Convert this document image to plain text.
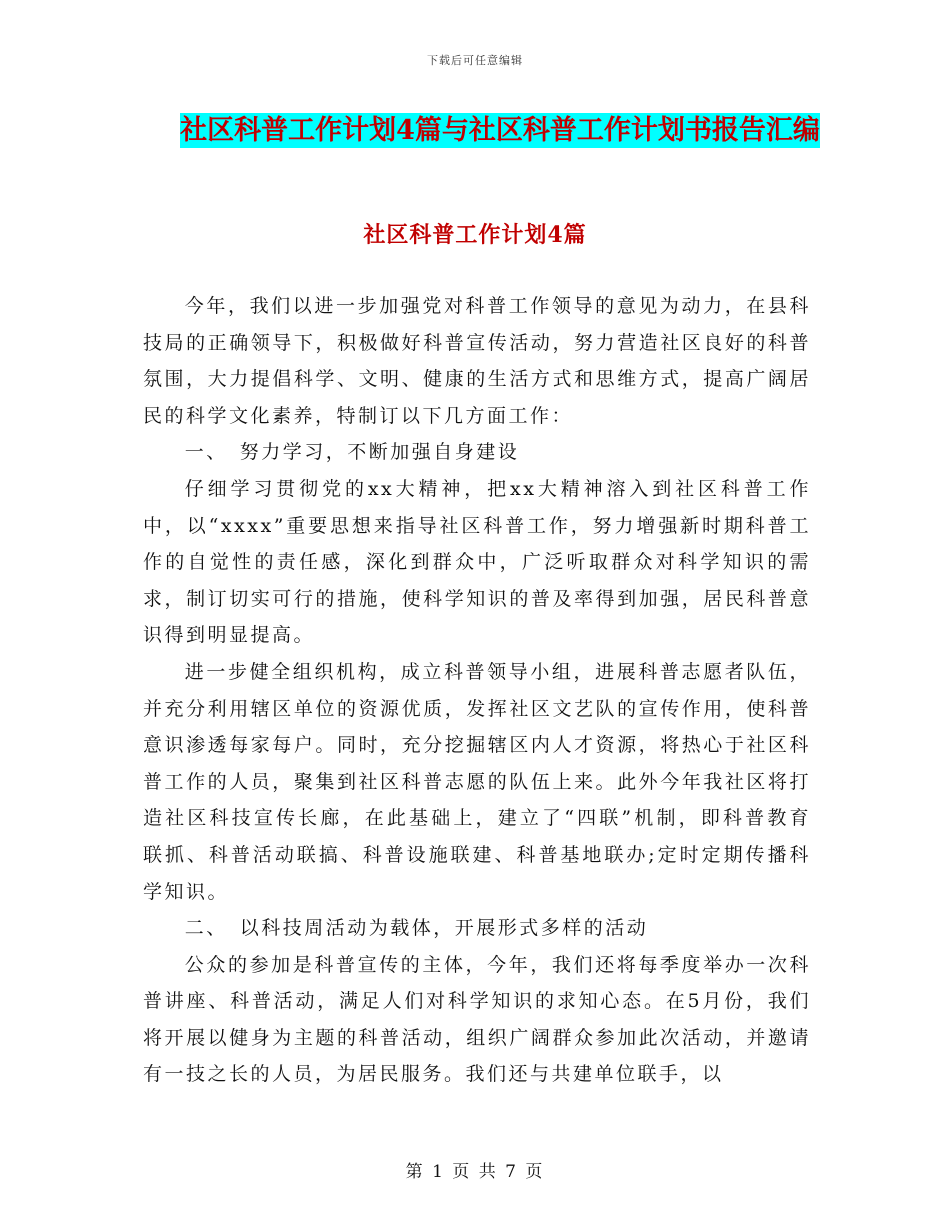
下载后可任意编辑
社区科普工作计划4篇与社区科普工作计划书报告汇编
社区科普工作计划4篇

今年，我们以进一步加强党对科普工作领导的意见为动力，在县科技局的正确领导下，积极做好科普宣传活动，努力营造社区良好的科普氛围，大力提倡科学、文明、健康的生活方式和思维方式，提高广阔居民的科学文化素养，特制订以下几方面工作：

一、　努力学习，不断加强自身建设

仔细学习贯彻党的xx大精神，把xx大精神溶入到社区科普工作中，以“xxxx”重要思想来指导社区科普工作，努力增强新时期科普工作的自觉性的责任感，深化到群众中，广泛听取群众对科学知识的需求，制订切实可行的措施，使科学知识的普及率得到加强，居民科普意识得到明显提高。

进一步健全组织机构，成立科普领导小组，进展科普志愿者队伍，并充分利用辖区单位的资源优质，发挥社区文艺队的宣传作用，使科普意识渗透每家每户。同时，充分挖掘辖区内人才资源，将热心于社区科普工作的人员，聚集到社区科普志愿的队伍上来。此外今年我社区将打造社区科技宣传长廊，在此基础上，建立了“四联”机制，即科普教育联抓、科普活动联搞、科普设施联建、科普基地联办;定时定期传播科学知识。

二、　以科技周活动为载体，开展形式多样的活动

公众的参加是科普宣传的主体，今年，我们还将每季度举办一次科普讲座、科普活动，满足人们对科学知识的求知心态。在5月份，我们将开展以健身为主题的科普活动，组织广阔群众参加此次活动，并邀请有一技之长的人员，为居民服务。我们还与共建单位联手，以

第 1 页 共 7 页
